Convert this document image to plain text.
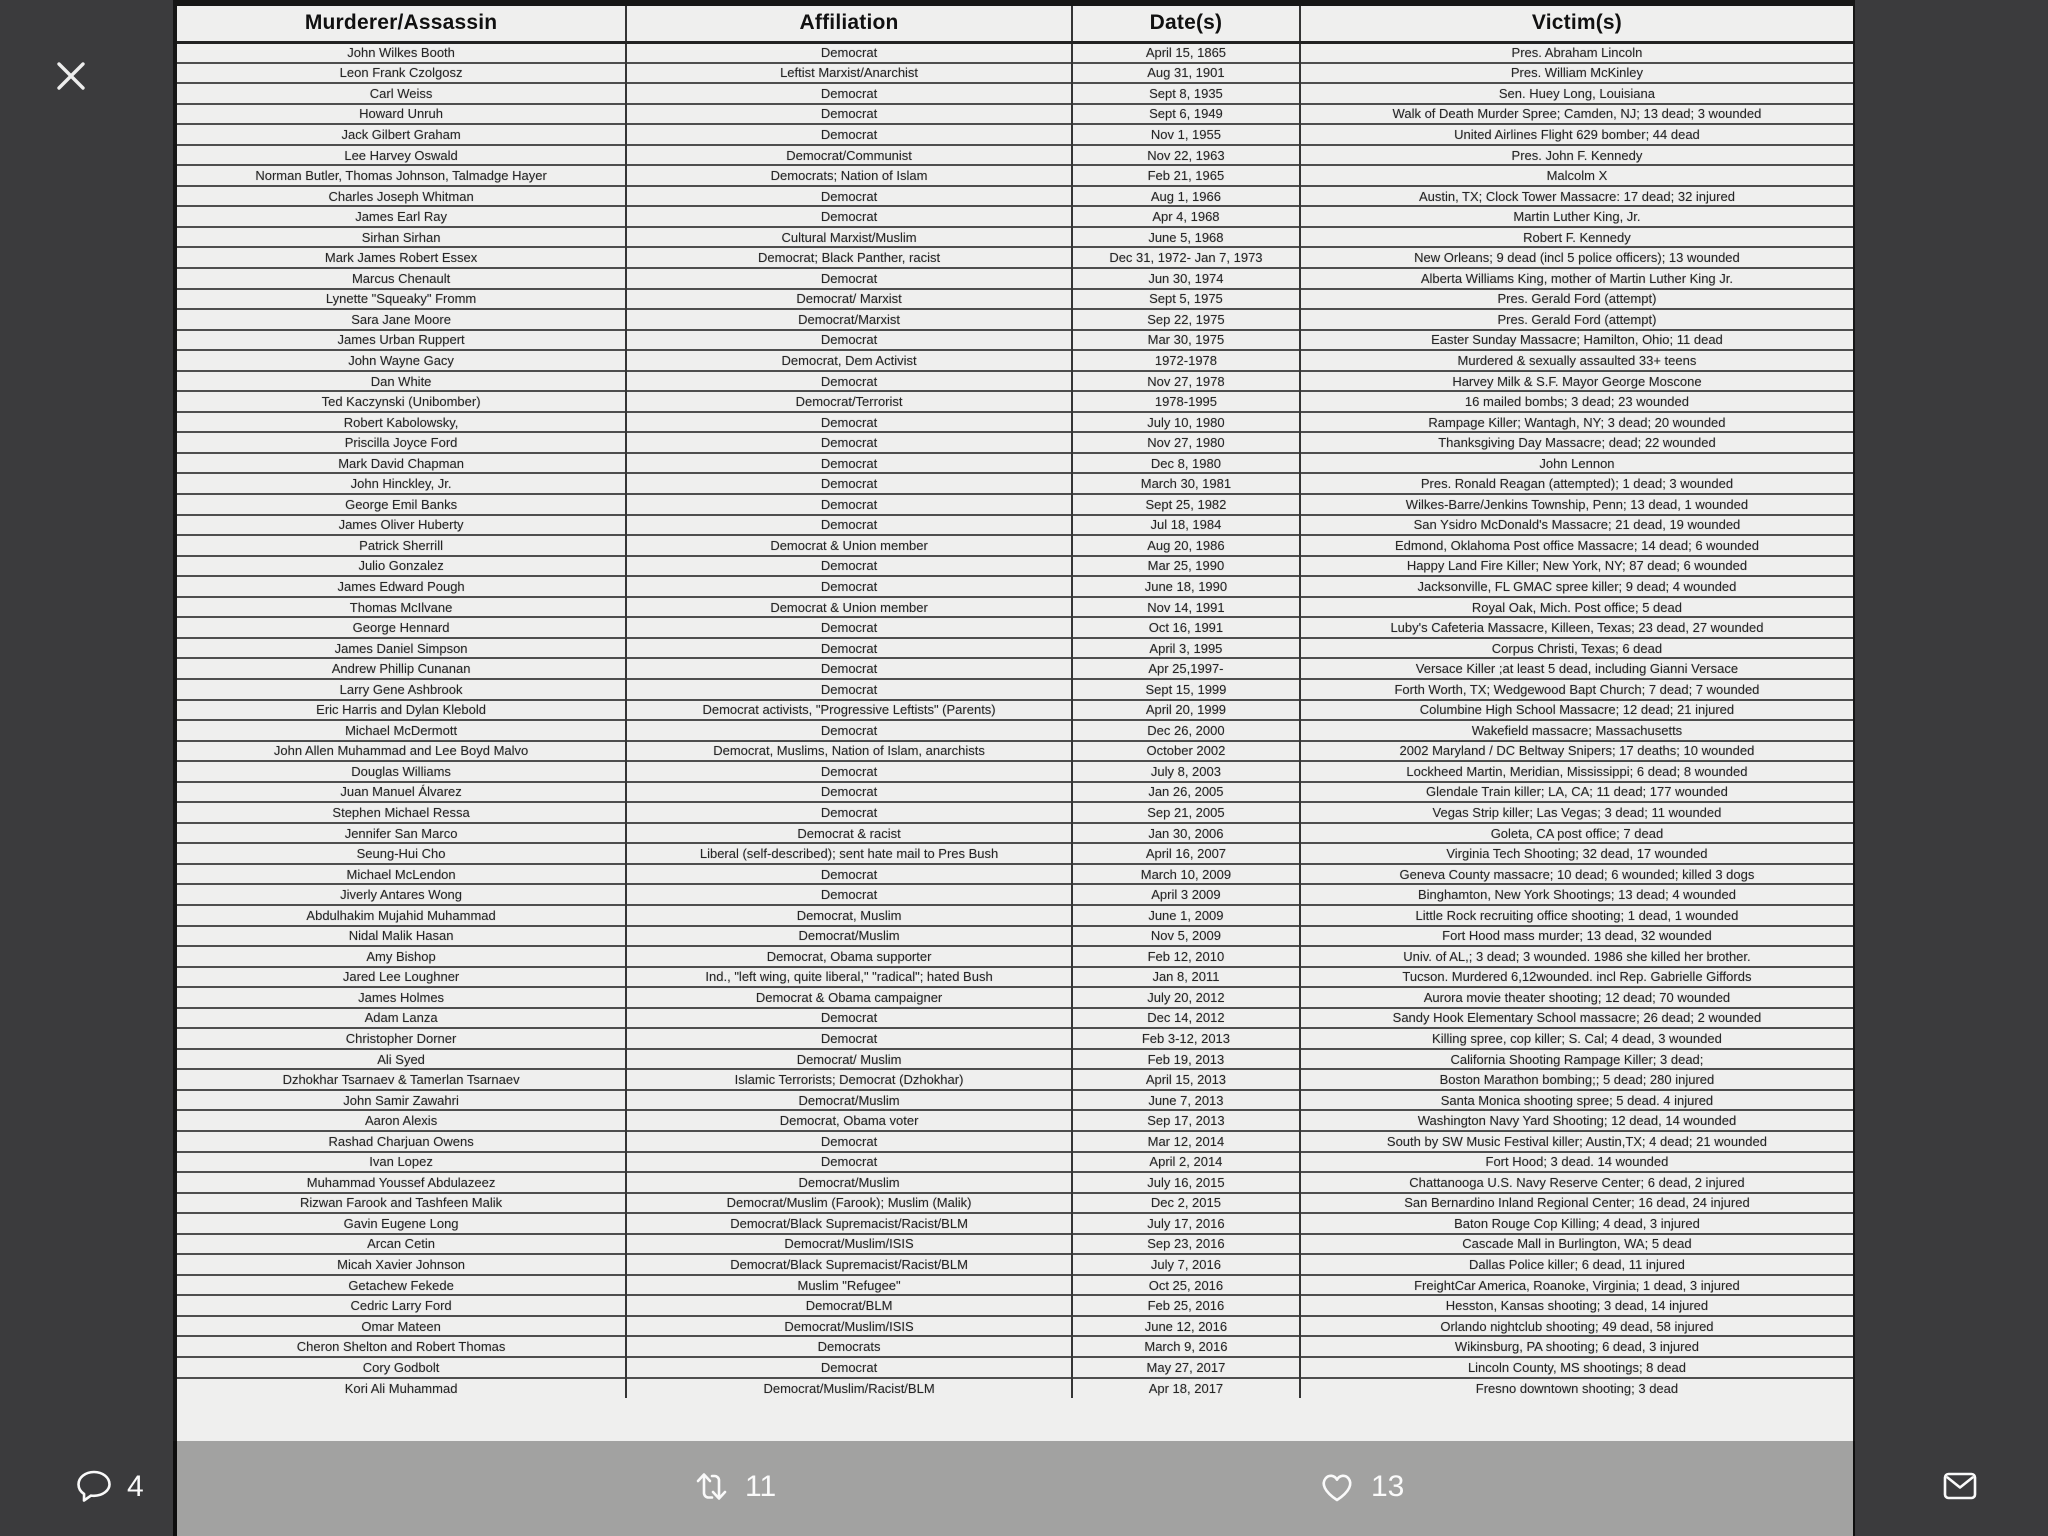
Murderer/Assassin	Affiliation	Date(s)	Victim(s)
John Wilkes Booth	Democrat	April 15, 1865	Pres. Abraham Lincoln
Leon Frank Czolgosz	Leftist Marxist/Anarchist	Aug 31, 1901	Pres. William McKinley
Carl Weiss	Democrat	Sept 8, 1935	Sen. Huey Long, Louisiana
Howard Unruh	Democrat	Sept 6, 1949	Walk of Death Murder Spree; Camden, NJ; 13 dead; 3 wounded
Jack Gilbert Graham	Democrat	Nov 1, 1955	United Airlines Flight 629 bomber; 44 dead
Lee Harvey Oswald	Democrat/Communist	Nov 22, 1963	Pres. John F. Kennedy
Norman Butler, Thomas Johnson, Talmadge Hayer	Democrats; Nation of Islam	Feb 21, 1965	Malcolm X
Charles Joseph Whitman	Democrat	Aug 1, 1966	Austin, TX; Clock Tower Massacre: 17 dead; 32 injured
James Earl Ray	Democrat	Apr 4, 1968	Martin Luther King, Jr.
Sirhan Sirhan	Cultural Marxist/Muslim	June 5, 1968	Robert F. Kennedy
Mark James Robert Essex	Democrat; Black Panther, racist	Dec 31, 1972- Jan 7, 1973	New Orleans; 9 dead (incl 5 police officers); 13 wounded
Marcus Chenault	Democrat	Jun 30, 1974	Alberta Williams King, mother of Martin Luther King Jr.
Lynette "Squeaky" Fromm	Democrat/ Marxist	Sept 5, 1975	Pres. Gerald Ford (attempt)
Sara Jane Moore	Democrat/Marxist	Sep 22, 1975	Pres. Gerald Ford (attempt)
James Urban Ruppert	Democrat	Mar 30, 1975	Easter Sunday Massacre; Hamilton, Ohio; 11 dead
John Wayne Gacy	Democrat, Dem Activist	1972-1978	Murdered & sexually assaulted 33+ teens
Dan White	Democrat	Nov 27, 1978	Harvey Milk & S.F. Mayor George Moscone
Ted Kaczynski (Unibomber)	Democrat/Terrorist	1978-1995	16 mailed bombs; 3 dead; 23 wounded
Robert Kabolowsky,	Democrat	July 10, 1980	Rampage Killer; Wantagh, NY; 3 dead; 20 wounded
Priscilla Joyce Ford	Democrat	Nov 27, 1980	Thanksgiving Day Massacre; dead; 22 wounded
Mark David Chapman	Democrat	Dec 8, 1980	John Lennon
John Hinckley, Jr.	Democrat	March 30, 1981	Pres. Ronald Reagan (attempted); 1 dead; 3 wounded
George Emil Banks	Democrat	Sept 25, 1982	Wilkes-Barre/Jenkins Township, Penn; 13 dead, 1 wounded
James Oliver Huberty	Democrat	Jul 18, 1984	San Ysidro McDonald's Massacre; 21 dead, 19 wounded
Patrick Sherrill	Democrat & Union member	Aug 20, 1986	Edmond, Oklahoma Post office Massacre; 14 dead; 6 wounded
Julio Gonzalez	Democrat	Mar 25, 1990	Happy Land Fire Killer; New York, NY; 87 dead; 6 wounded
James Edward Pough	Democrat	June 18, 1990	Jacksonville, FL GMAC spree killer; 9 dead; 4 wounded
Thomas McIlvane	Democrat & Union member	Nov 14, 1991	Royal Oak, Mich. Post office; 5 dead
George Hennard	Democrat	Oct 16, 1991	Luby's Cafeteria Massacre, Killeen, Texas; 23 dead, 27 wounded
James Daniel Simpson	Democrat	April 3, 1995	Corpus Christi, Texas; 6 dead
Andrew Phillip Cunanan	Democrat	Apr 25,1997-	Versace Killer ;at least 5 dead, including Gianni Versace
Larry Gene Ashbrook	Democrat	Sept 15, 1999	Forth Worth, TX; Wedgewood Bapt Church; 7 dead; 7 wounded
Eric Harris and Dylan Klebold	Democrat activists, "Progressive Leftists" (Parents)	April 20, 1999	Columbine High School Massacre; 12 dead; 21 injured
Michael McDermott	Democrat	Dec 26, 2000	Wakefield massacre; Massachusetts
John Allen Muhammad and Lee Boyd Malvo	Democrat, Muslims, Nation of Islam, anarchists	October 2002	2002 Maryland / DC Beltway Snipers; 17 deaths; 10 wounded
Douglas Williams	Democrat	July 8, 2003	Lockheed Martin, Meridian, Mississippi; 6 dead; 8 wounded
Juan Manuel Álvarez	Democrat	Jan 26, 2005	Glendale Train killer; LA, CA; 11 dead; 177 wounded
Stephen Michael Ressa	Democrat	Sep 21, 2005	Vegas Strip killer; Las Vegas; 3 dead; 11 wounded
Jennifer San Marco	Democrat & racist	Jan 30, 2006	Goleta, CA post office; 7 dead
Seung-Hui Cho	Liberal (self-described); sent hate mail to Pres Bush	April 16, 2007	Virginia Tech Shooting; 32 dead, 17 wounded
Michael McLendon	Democrat	March 10, 2009	Geneva County massacre; 10 dead; 6 wounded; killed 3 dogs
Jiverly Antares Wong	Democrat	April 3 2009	Binghamton, New York Shootings; 13 dead; 4 wounded
Abdulhakim Mujahid Muhammad	Democrat, Muslim	June 1, 2009	Little Rock recruiting office shooting; 1 dead, 1 wounded
Nidal Malik Hasan	Democrat/Muslim	Nov 5, 2009	Fort Hood mass murder; 13 dead, 32 wounded
Amy Bishop	Democrat, Obama supporter	Feb 12, 2010	Univ. of AL,; 3 dead; 3 wounded. 1986 she killed her brother.
Jared Lee Loughner	Ind., "left wing, quite liberal," "radical"; hated Bush	Jan 8, 2011	Tucson. Murdered 6,12wounded. incl Rep. Gabrielle Giffords
James Holmes	Democrat & Obama campaigner	July 20, 2012	Aurora movie theater shooting; 12 dead; 70 wounded
Adam Lanza	Democrat	Dec 14, 2012	Sandy Hook Elementary School massacre; 26 dead; 2 wounded
Christopher Dorner	Democrat	Feb 3-12, 2013	Killing spree, cop killer; S. Cal; 4 dead, 3 wounded
Ali Syed	Democrat/ Muslim	Feb 19, 2013	California Shooting Rampage Killer; 3 dead;
Dzhokhar Tsarnaev & Tamerlan Tsarnaev	Islamic Terrorists; Democrat (Dzhokhar)	April 15, 2013	Boston Marathon bombing;; 5 dead; 280 injured
John Samir Zawahri	Democrat/Muslim	June 7, 2013	Santa Monica shooting spree; 5 dead. 4 injured
Aaron Alexis	Democrat, Obama voter	Sep 17, 2013	Washington Navy Yard Shooting; 12 dead, 14 wounded
Rashad Charjuan Owens	Democrat	Mar 12, 2014	South by SW Music Festival killer; Austin,TX; 4 dead; 21 wounded
Ivan Lopez	Democrat	April 2, 2014	Fort Hood; 3 dead. 14 wounded
Muhammad Youssef Abdulazeez	Democrat/Muslim	July 16, 2015	Chattanooga U.S. Navy Reserve Center; 6 dead, 2 injured
Rizwan Farook and Tashfeen Malik	Democrat/Muslim (Farook); Muslim (Malik)	Dec 2, 2015	San Bernardino Inland Regional Center; 16 dead, 24 injured
Gavin Eugene Long	Democrat/Black Supremacist/Racist/BLM	July 17, 2016	Baton Rouge Cop Killing; 4 dead, 3 injured
Arcan Cetin	Democrat/Muslim/ISIS	Sep 23, 2016	Cascade Mall in Burlington, WA; 5 dead
Micah Xavier Johnson	Democrat/Black Supremacist/Racist/BLM	July 7, 2016	Dallas Police killer; 6 dead, 11 injured
Getachew Fekede	Muslim "Refugee"	Oct 25, 2016	FreightCar America, Roanoke, Virginia; 1 dead, 3 injured
Cedric Larry Ford	Democrat/BLM	Feb 25, 2016	Hesston, Kansas shooting; 3 dead, 14 injured
Omar Mateen	Democrat/Muslim/ISIS	June 12, 2016	Orlando nightclub shooting; 49 dead, 58 injured
Cheron Shelton and Robert Thomas	Democrats	March 9, 2016	Wikinsburg, PA shooting; 6 dead, 3 injured
Cory Godbolt	Democrat	May 27, 2017	Lincoln County, MS shootings; 8 dead
Kori Ali Muhammad	Democrat/Muslim/Racist/BLM	Apr 18, 2017	Fresno downtown shooting; 3 dead
4	11	13
